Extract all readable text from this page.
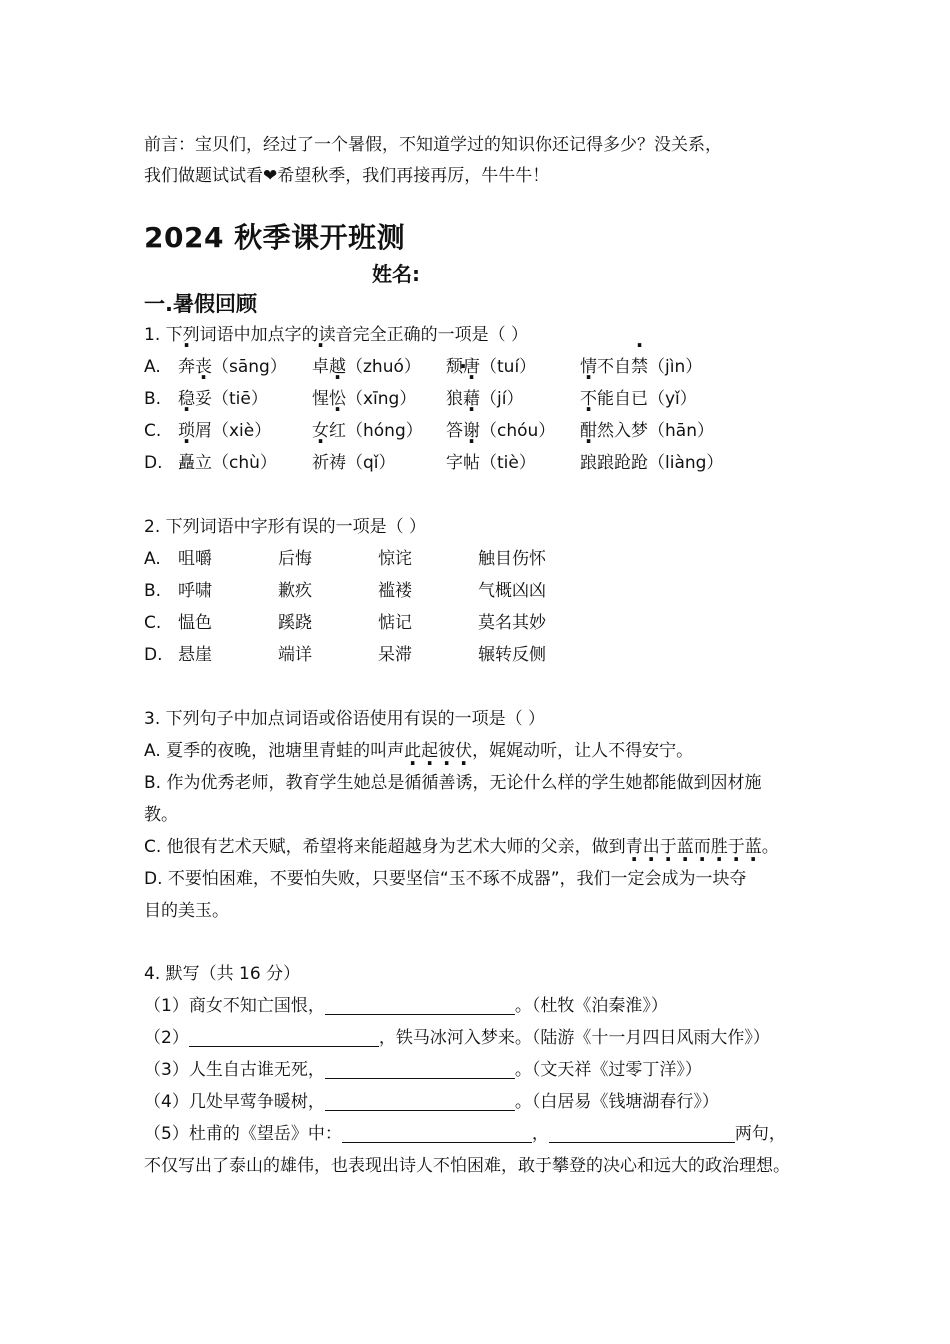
前言：宝贝们，经过了一个暑假，不知道学过的知识你还记得多少？没关系，
我们做题试试看❤希望秋季，我们再接再厉，牛牛牛！
2024 秋季课开班测
姓名:
一.暑假回顾
1. 下列词语中加点字的读音完全正确的一项是（ ）
A. 奔丧（sāng） 卓越（zhuó） 颓唐（tuí）	情不自禁（jìn）
B. 稳妥（tiē）	惺忪（xīng） 狼藉（jí）	不能自已（yǐ）
C. 琐屑（xiè） 女红（hóng） 答谢（chóu） 酣然入梦（hān）
D. 矗立（chù） 祈祷（qǐ）	字帖（tiè）	踉踉跄跄（liàng）
2. 下列词语中字形有误的一项是（ ）
A. 咀嚼	后悔	惊诧	触目伤怀
B. 呼啸	歉疚	褴褛	气概凶凶
C. 愠色	蹊跷	惦记	莫名其妙
D. 悬崖	端详	呆滞	辗转反侧
3. 下列句子中加点词语或俗语使用有误的一项是（ ）
A. 夏季的夜晚，池塘里青蛙的叫声此 .起 .彼 .伏 .，娓娓动听，让人不得安宁。
B. 作为优秀老师，教育学生她总是循循善诱，无论什么样的学生她都能做到因材施
教。
C. 他很有艺术天赋，希望将来能超越身为艺术大师的父亲，做到青 .出 .于 .蓝 .而 .胜 .于 .蓝 .。
D. 不要怕困难，不要怕失败，只要坚信“玉不琢不成器”，我们一定会成为一块夺
目的美玉。
4. 默写（共 16 分）
（1）商女不知亡国恨，	。（杜牧《泊秦淮》）
（2）	，铁马冰河入梦来。（陆游《十一月四日风雨大作》）
（3）人生自古谁无死，	。（文天祥《过零丁洋》）
（4）几处早莺争暖树，	。（白居易《钱塘湖春行》）
（5）杜甫的《望岳》中：	，	两句，
不仅写出了泰山的雄伟，也表现出诗人不怕困难，敢于攀登的决心和远大的政治理想。
